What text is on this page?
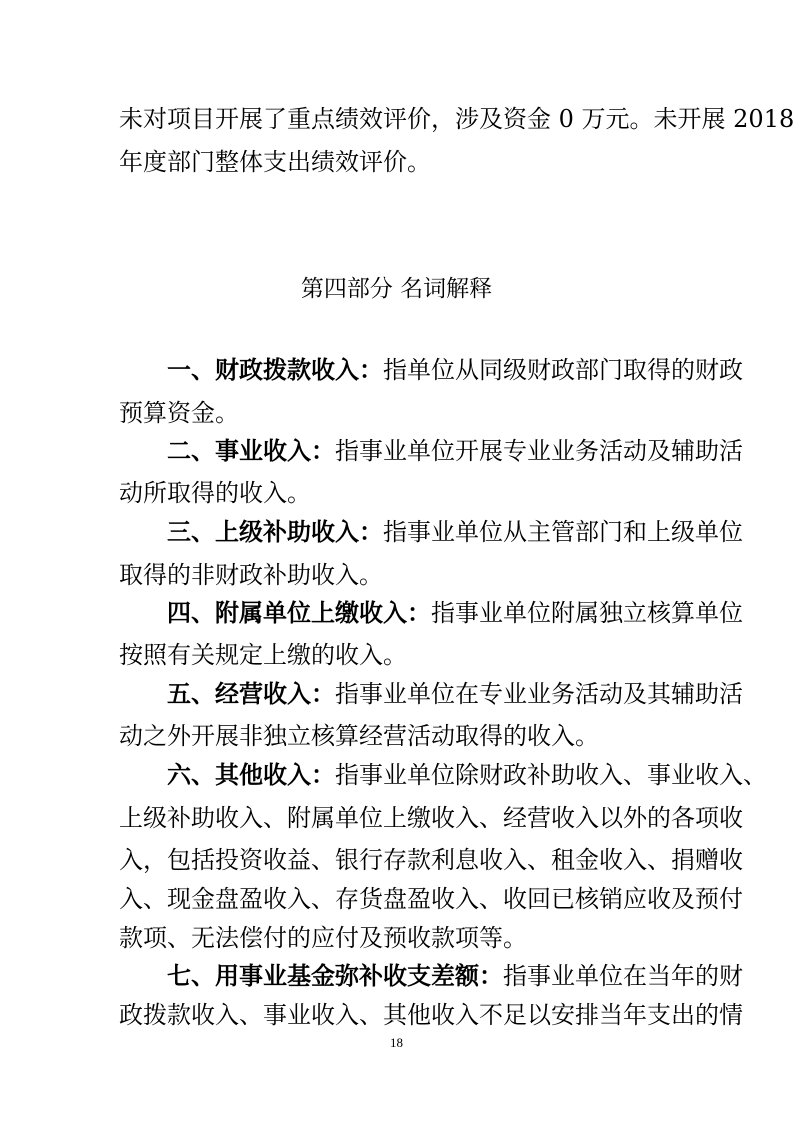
未对项目开展了重点绩效评价，涉及资金 0 万元。未开展 2018
年度部门整体支出绩效评价。
第四部分 名词解释
一、财政拨款收入：指单位从同级财政部门取得的财政
预算资金。
二、事业收入：指事业单位开展专业业务活动及辅助活
动所取得的收入。
三、上级补助收入：指事业单位从主管部门和上级单位
取得的非财政补助收入。
四、附属单位上缴收入：指事业单位附属独立核算单位
按照有关规定上缴的收入。
五、经营收入：指事业单位在专业业务活动及其辅助活
动之外开展非独立核算经营活动取得的收入。
六、其他收入：指事业单位除财政补助收入、事业收入、
上级补助收入、附属单位上缴收入、经营收入以外的各项收
入，包括投资收益、银行存款利息收入、租金收入、捐赠收
入、现金盘盈收入、存货盘盈收入、收回已核销应收及预付
款项、无法偿付的应付及预收款项等。
七、用事业基金弥补收支差额：指事业单位在当年的财
政拨款收入、事业收入、其他收入不足以安排当年支出的情
18
